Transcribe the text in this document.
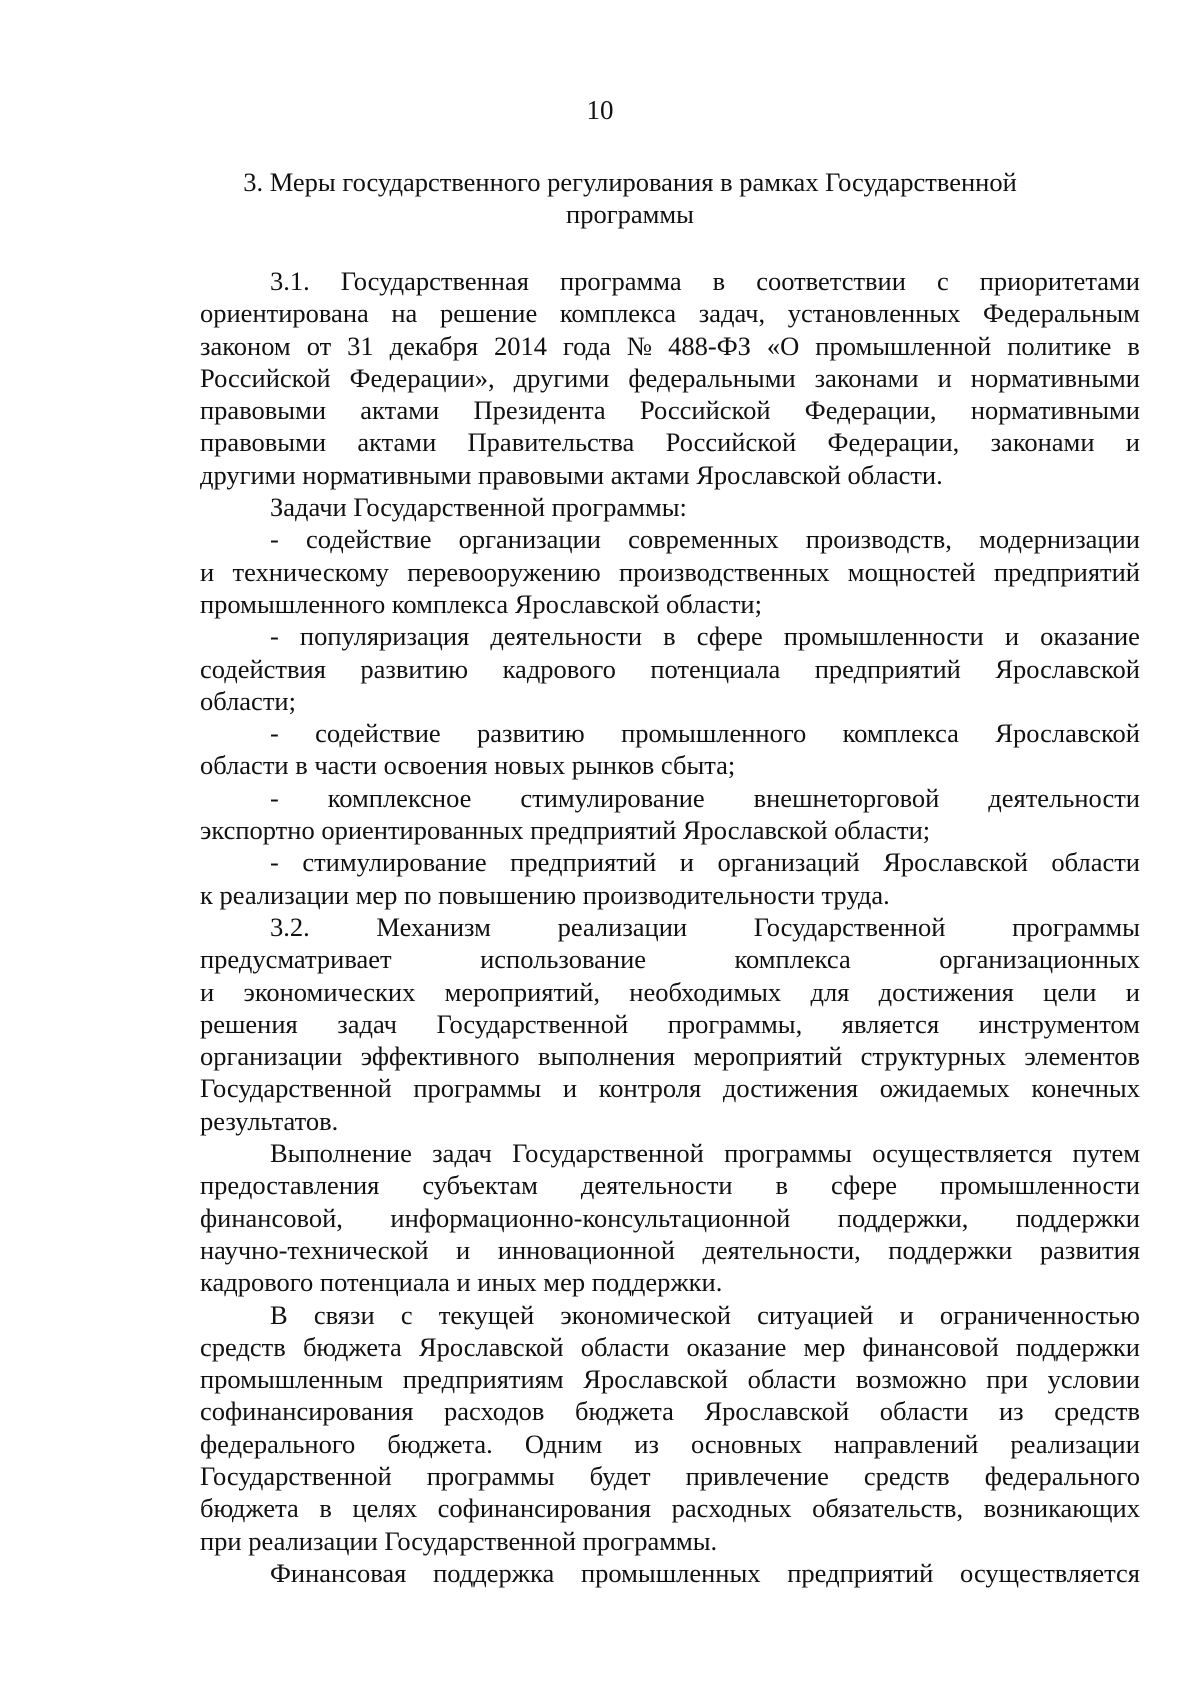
10
3. Меры государственного регулирования в рамках Государственной
программы
3.1. Государственная программа в соответствии с приоритетами
ориентирована на решение комплекса задач, установленных Федеральным
законом от 31 декабря 2014 года № 488-ФЗ «О промышленной политике в
Российской Федерации», другими федеральными законами и нормативными
правовыми актами Президента Российской Федерации, нормативными
правовыми актами Правительства Российской Федерации, законами и
другими нормативными правовыми актами Ярославской области.
Задачи Государственной программы:
- содействие организации современных производств, модернизации
и техническому перевооружению производственных мощностей предприятий
промышленного комплекса Ярославской области;
- популяризация деятельности в сфере промышленности и оказание
содействия развитию кадрового потенциала предприятий Ярославской
области;
- содействие развитию промышленного комплекса Ярославской
области в части освоения новых рынков сбыта;
- комплексное стимулирование внешнеторговой деятельности
экспортно ориентированных предприятий Ярославской области;
- стимулирование предприятий и организаций Ярославской области
к реализации мер по повышению производительности труда.
3.2.	Механизм	реализации	Государственной	программы
предусматривает	использование	комплекса	организационных
и экономических мероприятий, необходимых для достижения цели и
решения задач Государственной программы, является инструментом
организации эффективного выполнения мероприятий структурных элементов
Государственной программы и контроля достижения ожидаемых конечных
результатов.
Выполнение задач Государственной программы осуществляется путем
предоставления субъектам деятельности в сфере промышленности
финансовой, информационно-консультационной поддержки, поддержки
научно-технической и инновационной деятельности, поддержки развития
кадрового потенциала и иных мер поддержки.
В связи с текущей экономической ситуацией и ограниченностью
средств бюджета Ярославской области оказание мер финансовой поддержки
промышленным предприятиям Ярославской области возможно при условии
софинансирования расходов бюджета Ярославской области из средств
федерального бюджета. Одним из основных направлений реализации
Государственной программы будет привлечение средств федерального
бюджета в целях софинансирования расходных обязательств, возникающих
при реализации Государственной программы.
Финансовая поддержка промышленных предприятий осуществляется
